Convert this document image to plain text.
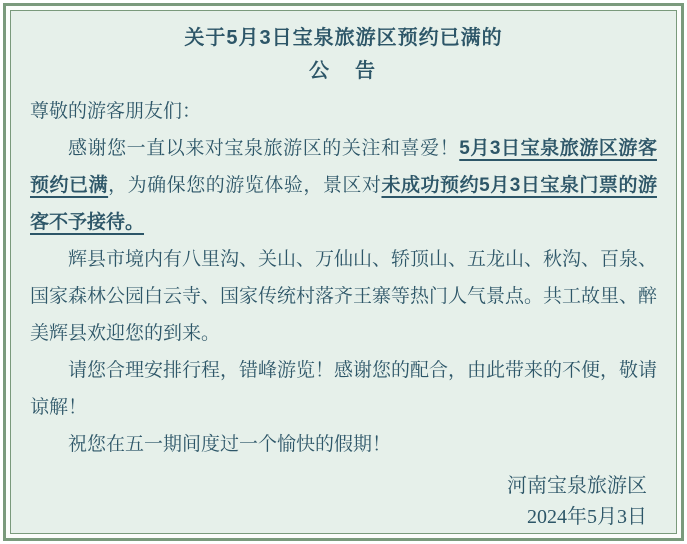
关于5月3日宝泉旅游区预约已满的
公　告

尊敬的游客朋友们：

感谢您一直以来对宝泉旅游区的关注和喜爱！5月3日宝泉旅游区游客预约已满，为确保您的游览体验，景区对未成功预约5月3日宝泉门票的游客不予接待。

辉县市境内有八里沟、关山、万仙山、轿顶山、五龙山、秋沟、百泉、国家森林公园白云寺、国家传统村落齐王寨等热门人气景点。共工故里、醉美辉县欢迎您的到来。

请您合理安排行程，错峰游览！感谢您的配合，由此带来的不便，敬请谅解！

祝您在五一期间度过一个愉快的假期！

河南宝泉旅游区

2024年5月3日
